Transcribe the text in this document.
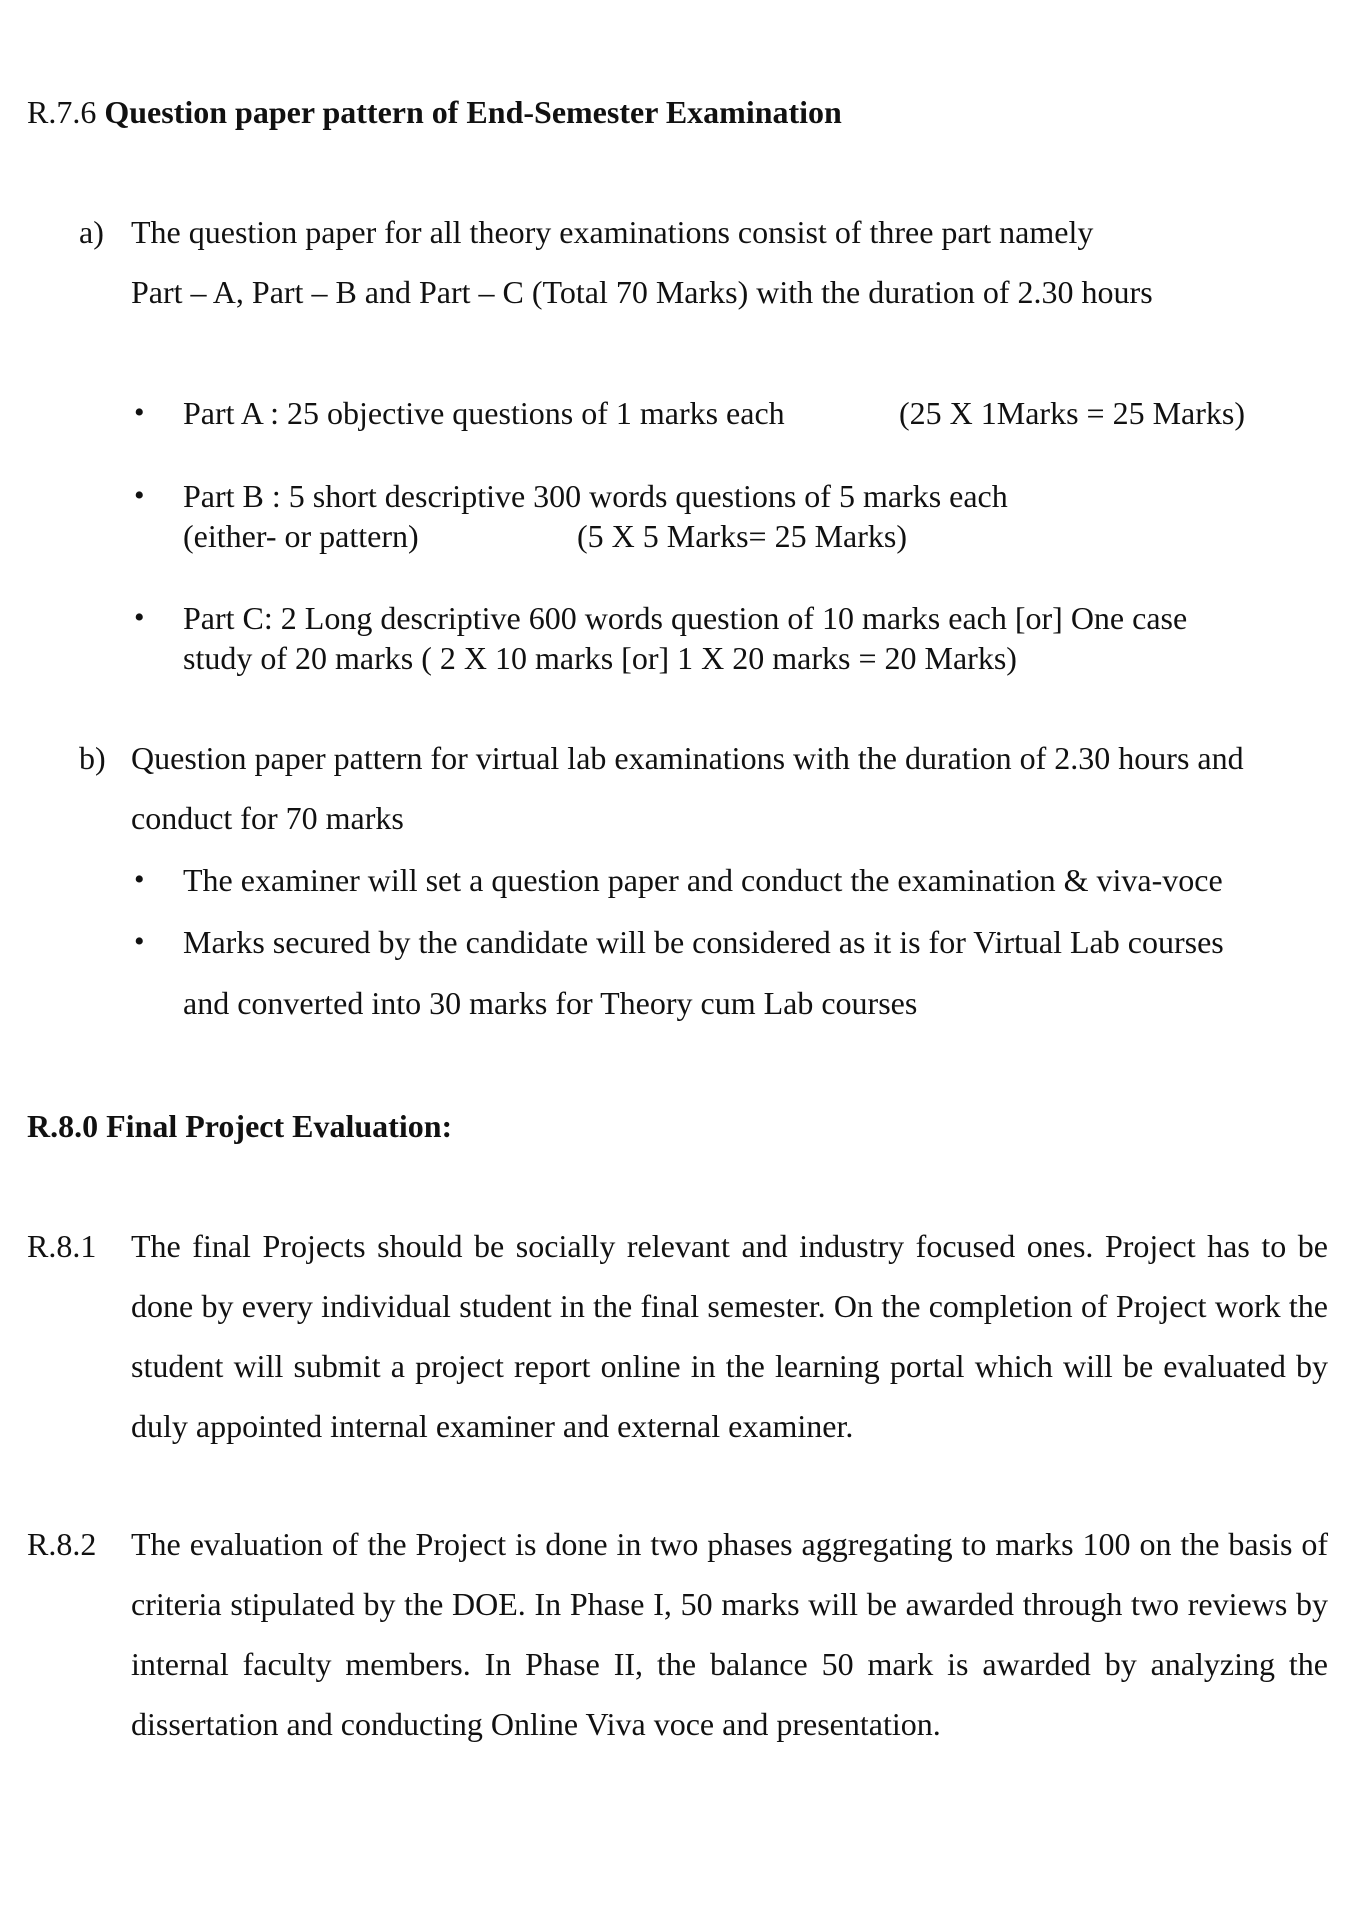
R.7.6 Question paper pattern of End-Semester Examination
a) The question paper for all theory examinations consist of three part namely
Part – A, Part – B and Part – C (Total 70 Marks) with the duration of 2.30 hours
• Part A : 25 objective questions of 1 marks each	(25 X 1Marks = 25 Marks)
• Part B : 5 short descriptive 300 words questions of 5 marks each
(either- or pattern)	(5 X 5 Marks= 25 Marks)
• Part C: 2 Long descriptive 600 words question of 10 marks each [or] One case
study of 20 marks ( 2 X 10 marks [or] 1 X 20 marks = 20 Marks)
b) Question paper pattern for virtual lab examinations with the duration of 2.30 hours and
conduct for 70 marks
• The examiner will set a question paper and conduct the examination & viva-voce
• Marks secured by the candidate will be considered as it is for Virtual Lab courses
and converted into 30 marks for Theory cum Lab courses
R.8.0 Final Project Evaluation:
R.8.1 The final Projects should be socially relevant and industry focused ones. Project has to be done by every individual student in the final semester. On the completion of Project work the student will submit a project report online in the learning portal which will be evaluated by duly appointed internal examiner and external examiner.
R.8.2 The evaluation of the Project is done in two phases aggregating to marks 100 on the basis of criteria stipulated by the DOE. In Phase I, 50 marks will be awarded through two reviews by internal faculty members. In Phase II, the balance 50 mark is awarded by analyzing the dissertation and conducting Online Viva voce and presentation.
